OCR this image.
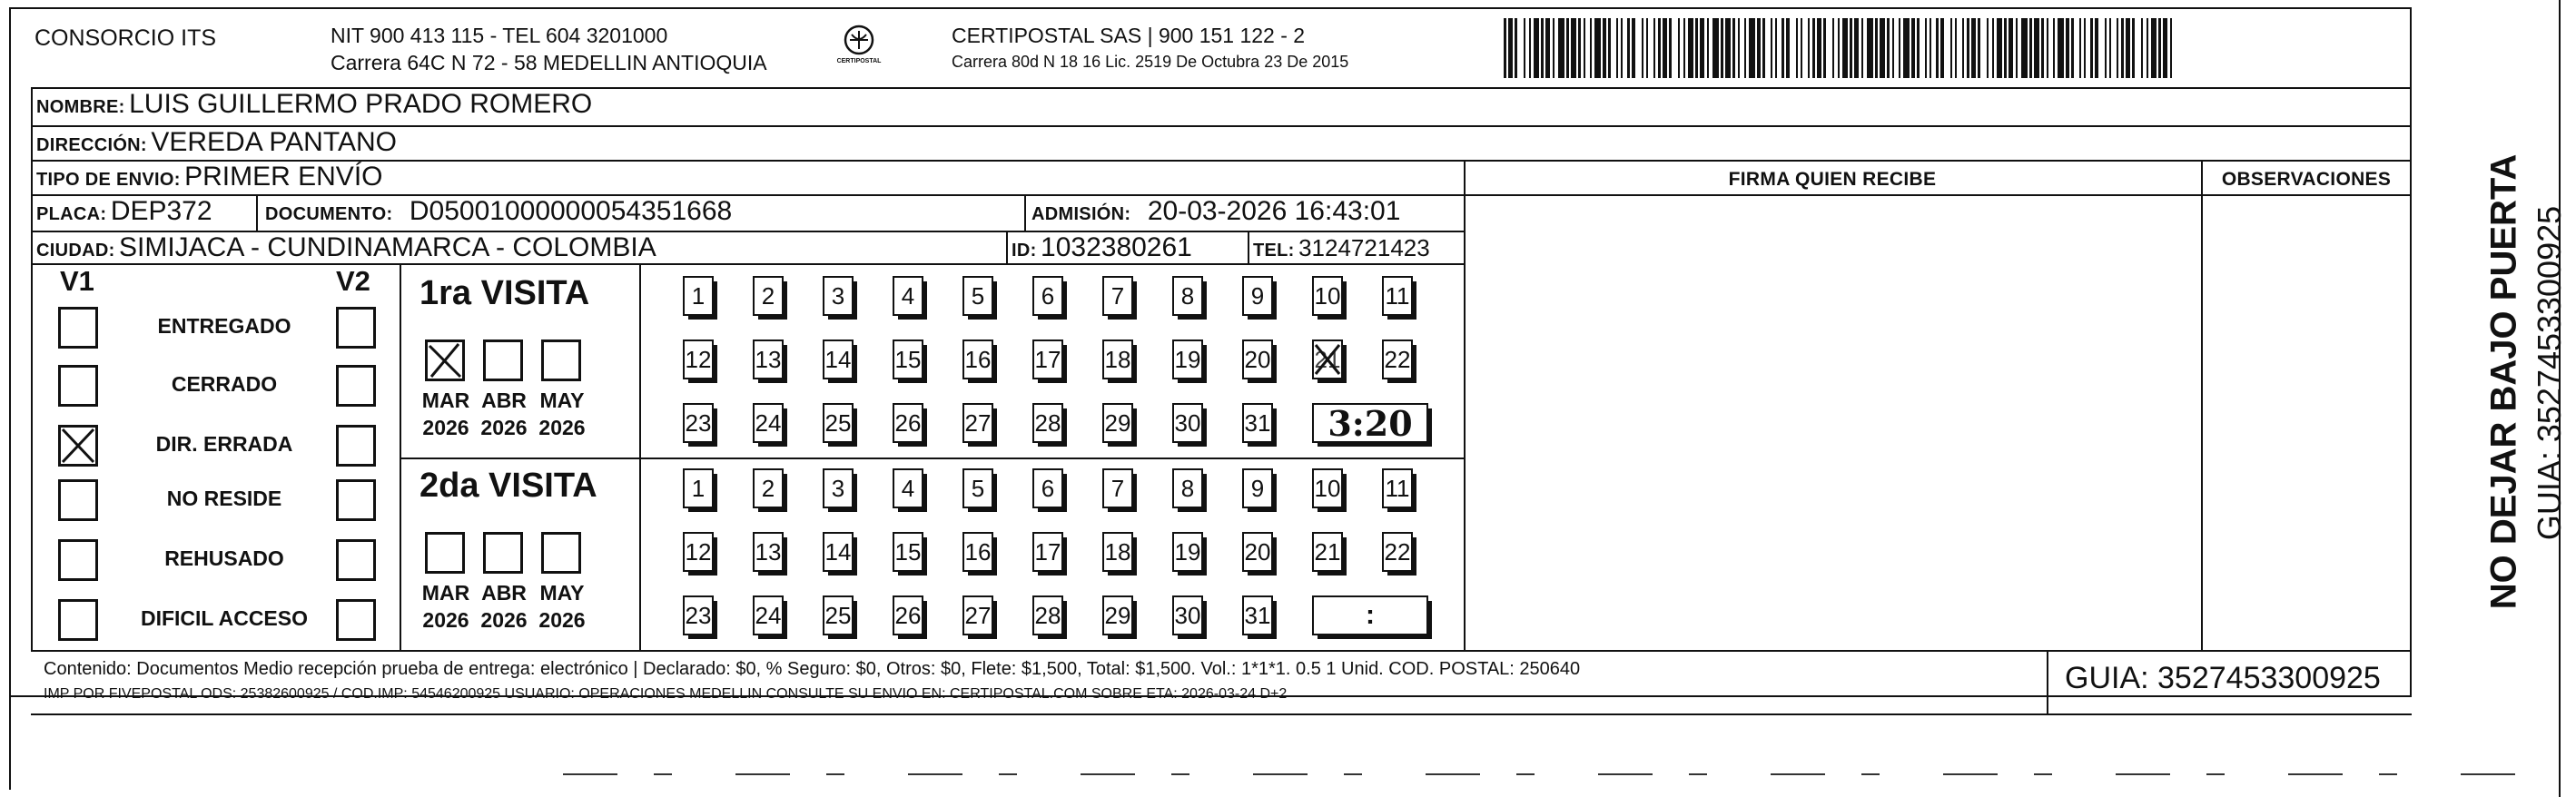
CONSORCIO ITS	NIT 900 413 115 - TEL 604 3201000
Carrera 64C N 72 - 58 MEDELLIN ANTIOQUIA	CERTIPOSTAL
CERTIPOSTAL SAS | 900 151 122 - 2
Carrera 80d N 18 16 Lic. 2519 De Octubra 23 De 2015
NOMBRE: LUIS GUILLERMO PRADO ROMERO
DIRECCIÓN: VEREDA PANTANO
TIPO DE ENVIO: PRIMER ENVÍO
PLACA: DEP372	DOCUMENTO: D05001000000054351668	ADMISIÓN: 20-03-2026 16:43:01
CIUDAD: SIMIJACA - CUNDINAMARCA - COLOMBIA	ID: 1032380261	TEL: 3124721423
FIRMA QUIEN RECIBE	OBSERVACIONES
V1	V2
ENTREGADO
CERRADO
DIR. ERRADA
NO RESIDE
REHUSADO
DIFICIL ACCESO
1ra VISITA
MAR
2026
ABR
2026
MAY
2026
1 2 3 4 5 6 7 8 9 10 11
12 13 14 15 16 17 18 19 20 21 22
23 24 25 26 27 28 29 30 31 3:20
2da VISITA
MAR
2026
ABR
2026
MAY
2026
1 2 3 4 5 6 7 8 9 10 11
12 13 14 15 16 17 18 19 20 21 22
23 24 25 26 27 28 29 30 31	:
Contenido: Documentos Medio recepción prueba de entrega: electrónico | Declarado: $0, % Seguro: $0, Otros: $0, Flete: $1,500, Total: $1,500. Vol.: 1*1*1. 0.5 1 Unid. COD. POSTAL: 250640
IMP POR FIVEPOSTAL ODS: 25382600925 / COD.IMP: 54546200925 USUARIO: OPERACIONES MEDELLIN CONSULTE SU ENVIO EN: CERTIPOSTAL.COM SOBRE ETA: 2026-03-24 D+2	GUIA: 3527453300925
NO DEJAR BAJO PUERTA GUIA: 3527453300925
